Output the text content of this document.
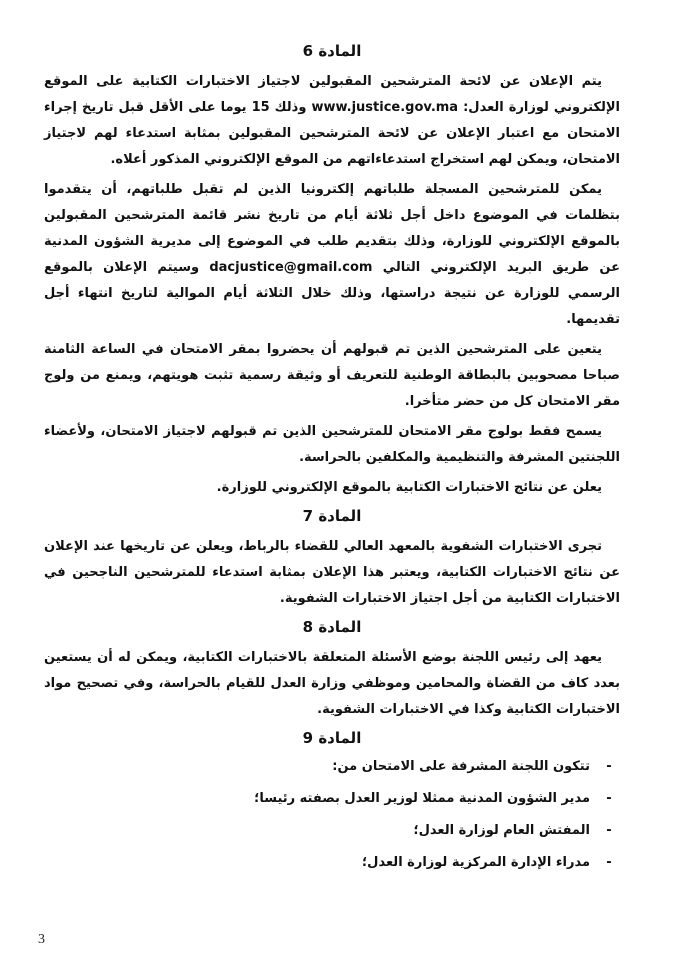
المادة 6

يتم الإعلان عن لائحة المترشحين المقبولين لاجتياز الاختبارات الكتابية على الموقع الإلكتروني لوزارة العدل: www.justice.gov.ma وذلك 15 يوما على الأقل قبل تاريخ إجراء الامتحان مع اعتبار الإعلان عن لائحة المترشحين المقبولين بمثابة استدعاء لهم لاجتياز الامتحان، ويمكن لهم استخراج استدعاءاتهم من الموقع الإلكتروني المذكور أعلاه.

يمكن للمترشحين المسجلة طلباتهم إلكترونيا الذين لم تقبل طلباتهم، أن يتقدموا بتظلمات في الموضوع داخل أجل ثلاثة أيام من تاريخ نشر قائمة المترشحين المقبولين بالموقع الإلكتروني للوزارة، وذلك بتقديم طلب في الموضوع إلى مديرية الشؤون المدنية عن طريق البريد الإلكتروني التالي dacjustice@gmail.com وسيتم الإعلان بالموقع الرسمي للوزارة عن نتيجة دراستها، وذلك خلال الثلاثة أيام الموالية لتاريخ انتهاء أجل تقديمها.

يتعين على المترشحين الذين تم قبولهم أن يحضروا بمقر الامتحان في الساعة الثامنة صباحا مصحوبين بالبطاقة الوطنية للتعريف أو وثيقة رسمية تثبت هويتهم، ويمنع من ولوج مقر الامتحان كل من حضر متأخرا.

يسمح فقط بولوج مقر الامتحان للمترشحين الذين تم قبولهم لاجتياز الامتحان، ولأعضاء اللجنتين المشرفة والتنظيمية والمكلفين بالحراسة.

يعلن عن نتائج الاختبارات الكتابية بالموقع الإلكتروني للوزارة.

المادة 7

تجرى الاختبارات الشفوية بالمعهد العالي للقضاء بالرباط، ويعلن عن تاريخها عند الإعلان عن نتائج الاختبارات الكتابية، ويعتبر هذا الإعلان بمثابة استدعاء للمترشحين الناجحين في الاختبارات الكتابية من أجل اجتياز الاختبارات الشفوية.

المادة 8

يعهد إلى رئيس اللجنة بوضع الأسئلة المتعلقة بالاختبارات الكتابية، ويمكن له أن يستعين بعدد كاف من القضاة والمحامين وموظفي وزارة العدل للقيام بالحراسة، وفي تصحيح مواد الاختبارات الكتابية وكذا في الاختبارات الشفوية.

المادة 9
-
تتكون اللجنة المشرفة على الامتحان من:
-
مدير الشؤون المدنية ممثلا لوزير العدل بصفته رئيسا؛
-
المفتش العام لوزارة العدل؛
-
مدراء الإدارة المركزية لوزارة العدل؛
3
